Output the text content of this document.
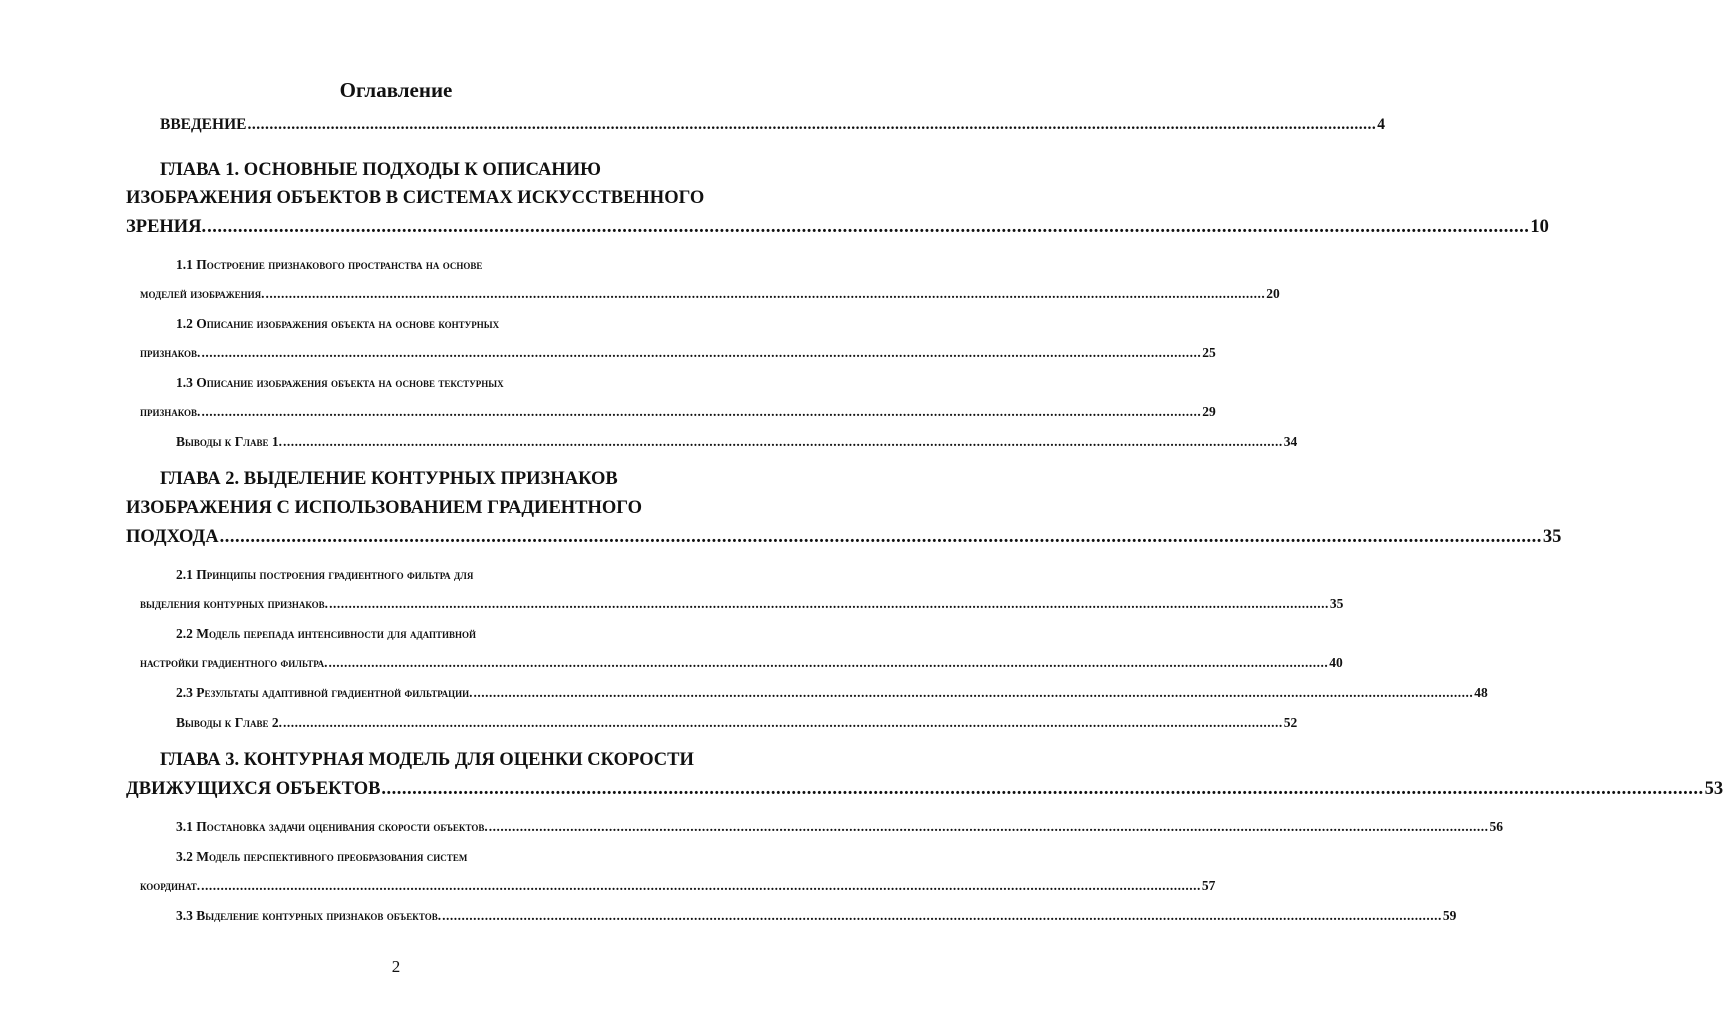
Оглавление
ВВЕДЕНИЕ .................................................................................................................................................................................................................................................................. 4
ГЛАВА 1. ОСНОВНЫЕ ПОДХОДЫ К ОПИСАНИЮ
ИЗОБРАЖЕНИЯ ОБЪЕКТОВ В СИСТЕМАХ ИСКУССТВЕННОГО
ЗРЕНИЯ. .................................................................................................................................................................................................................................................................. 10
1.1 Построение признакового пространства на основе
моделей изображения. .................................................................................................................................................................................................................................................................. 20
1.2 Описание изображения объекта на основе контурных
признаков. .................................................................................................................................................................................................................................................................. 25
1.3 Описание изображения объекта на основе текстурных
признаков. .................................................................................................................................................................................................................................................................. 29
Выводы к Главе 1. .................................................................................................................................................................................................................................................................. 34
ГЛАВА 2. ВЫДЕЛЕНИЕ КОНТУРНЫХ ПРИЗНАКОВ
ИЗОБРАЖЕНИЯ С ИСПОЛЬЗОВАНИЕМ ГРАДИЕНТНОГО
ПОДХОДА .................................................................................................................................................................................................................................................................. 35
2.1 Принципы построения градиентного фильтра для
выделения контурных признаков. .................................................................................................................................................................................................................................................................. 35
2.2 Модель перепада интенсивности для адаптивной
настройки градиентного фильтра. .................................................................................................................................................................................................................................................................. 40
2.3 Результаты адаптивной градиентной фильтрации. .................................................................................................................................................................................................................................................................. 48
Выводы к Главе 2. .................................................................................................................................................................................................................................................................. 52
ГЛАВА 3. КОНТУРНАЯ МОДЕЛЬ ДЛЯ ОЦЕНКИ СКОРОСТИ
ДВИЖУЩИХСЯ ОБЪЕКТОВ .................................................................................................................................................................................................................................................................. 53
3.1 Постановка задачи оценивания скорости объектов. .................................................................................................................................................................................................................................................................. 56
3.2 Модель перспективного преобразования систем
координат. .................................................................................................................................................................................................................................................................. 57
3.3 Выделение контурных признаков объектов. .................................................................................................................................................................................................................................................................. 59
2
